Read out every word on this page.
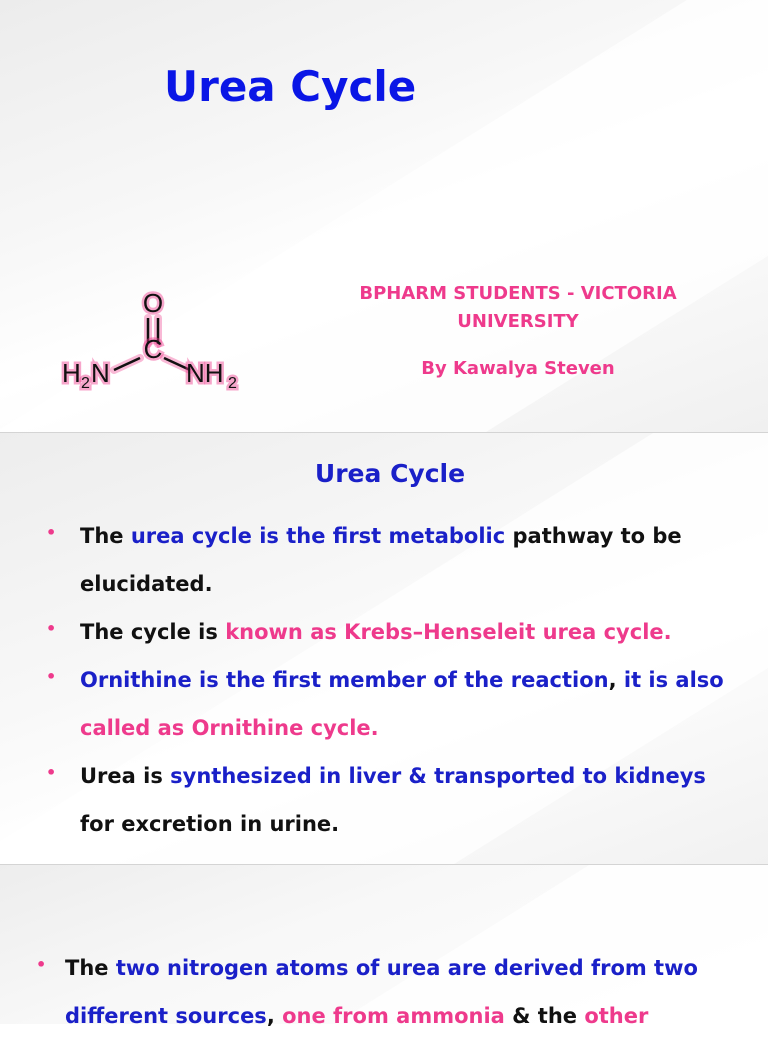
Urea Cycle
O
C
H 2 N	NH 2
BPHARM STUDENTS - VICTORIA
UNIVERSITY
By Kawalya Steven
Urea Cycle
• The urea cycle is the first metabolic pathway to be elucidated.
• The cycle is known as Krebs–Henseleit urea cycle.
• Ornithine is the first member of the reaction, it is also called as Ornithine cycle.
• Urea is synthesized in liver & transported to kidneys for excretion in urine.
• The two nitrogen atoms of urea are derived from two different sources, one from ammonia & the other
